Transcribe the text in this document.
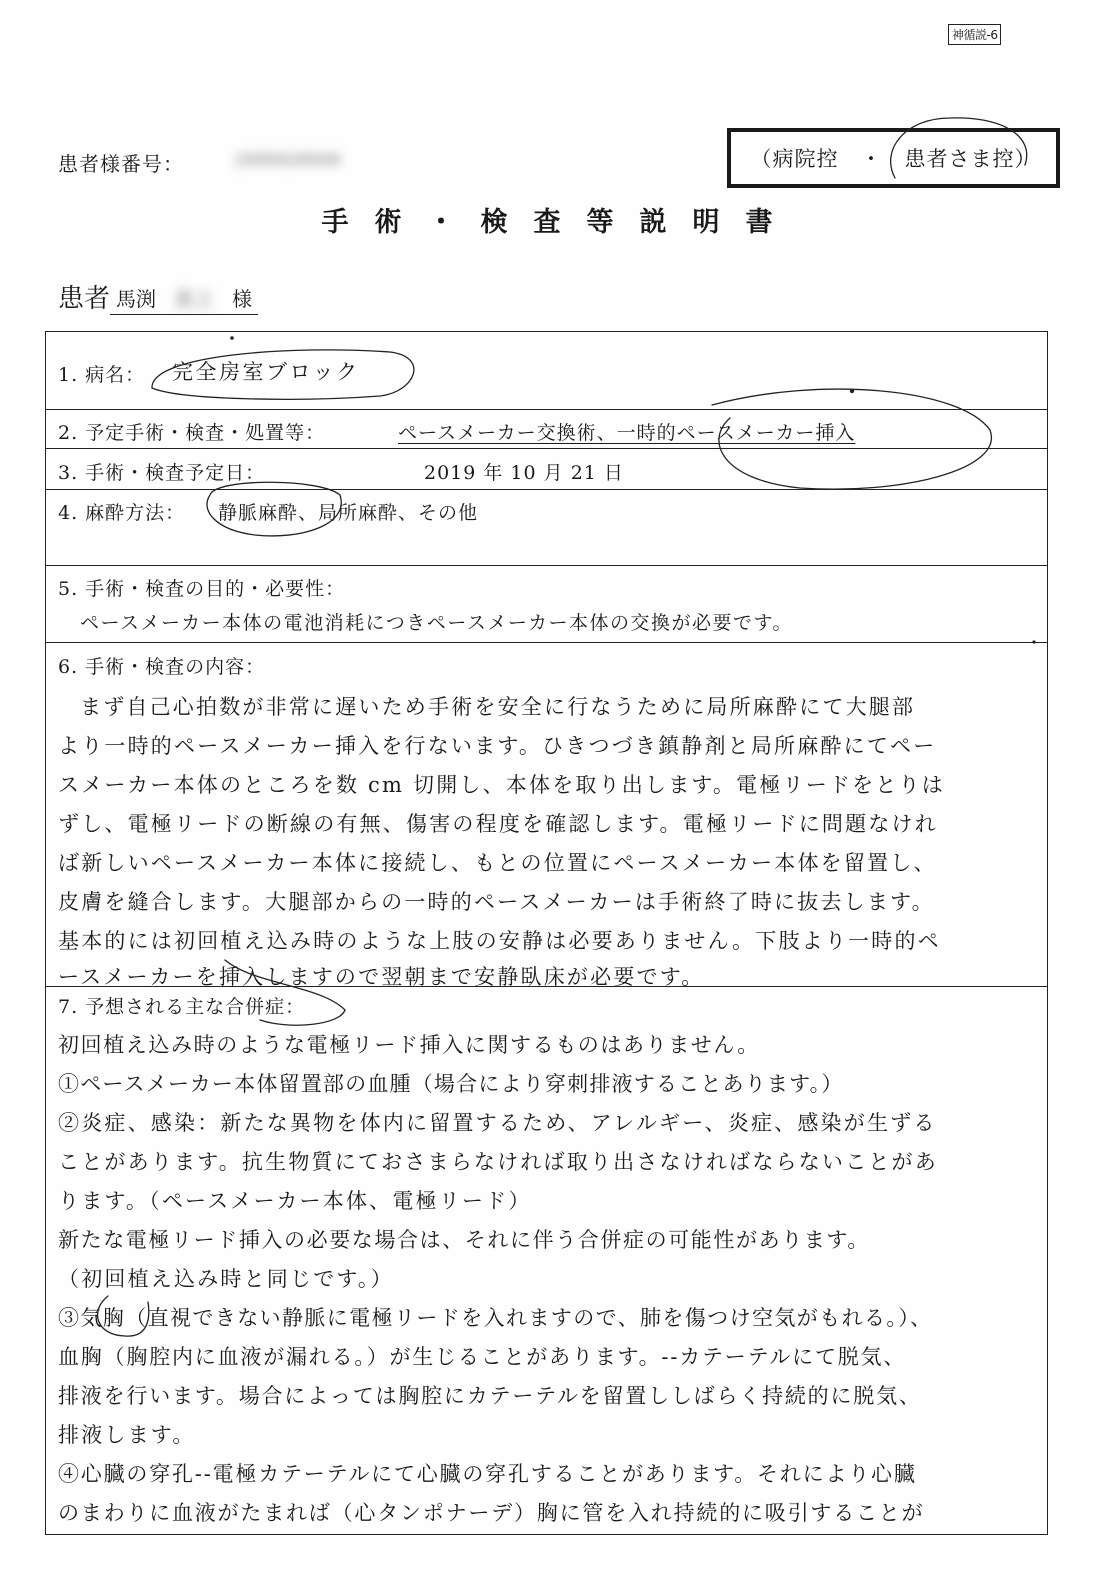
神循説-6
患者様番号：	(9999)9999	（病院控　・　患者さま控）
手術・検査等説明書
患者 馬渕 恵之 様
1. 病名： 完全房室ブロック
2. 予定手術・検査・処置等：	ペースメーカー交換術、一時的ペースメーカー挿入
3. 手術・検査予定日：	2019 年 10 月 21 日
4. 麻酔方法： 静脈麻酔、局所麻酔、その他
5. 手術・検査の目的・必要性：
ペースメーカー本体の電池消耗につきペースメーカー本体の交換が必要です。
6. 手術・検査の内容：
まず自己心拍数が非常に遅いため手術を安全に行なうために局所麻酔にて大腿部
より一時的ペースメーカー挿入を行ないます。ひきつづき鎮静剤と局所麻酔にてペー
スメーカー本体のところを数 cm 切開し、本体を取り出します。電極リードをとりは
ずし、電極リードの断線の有無、傷害の程度を確認します。電極リードに問題なけれ
ば新しいペースメーカー本体に接続し、もとの位置にペースメーカー本体を留置し、
皮膚を縫合します。大腿部からの一時的ペースメーカーは手術終了時に抜去します。
基本的には初回植え込み時のような上肢の安静は必要ありません。下肢より一時的ペ
ースメーカーを挿入しますので翌朝まで安静臥床が必要です。
7. 予想される主な合併症：
初回植え込み時のような電極リード挿入に関するものはありません。
①ペースメーカー本体留置部の血腫（場合により穿刺排液することあります。）
②炎症、感染：新たな異物を体内に留置するため、アレルギー、炎症、感染が生ずる
ことがあります。抗生物質にておさまらなければ取り出さなければならないことがあ
ります。（ペースメーカー本体、電極リード）
新たな電極リード挿入の必要な場合は、それに伴う合併症の可能性があります。
（初回植え込み時と同じです。）
③気胸（直視できない静脈に電極リードを入れますので、肺を傷つけ空気がもれる。）、
血胸（胸腔内に血液が漏れる。）が生じることがあります。--カテーテルにて脱気、
排液を行います。場合によっては胸腔にカテーテルを留置ししばらく持続的に脱気、
排液します。
④心臓の穿孔--電極カテーテルにて心臓の穿孔することがあります。それにより心臓
のまわりに血液がたまれば（心タンポナーデ）胸に管を入れ持続的に吸引することが
